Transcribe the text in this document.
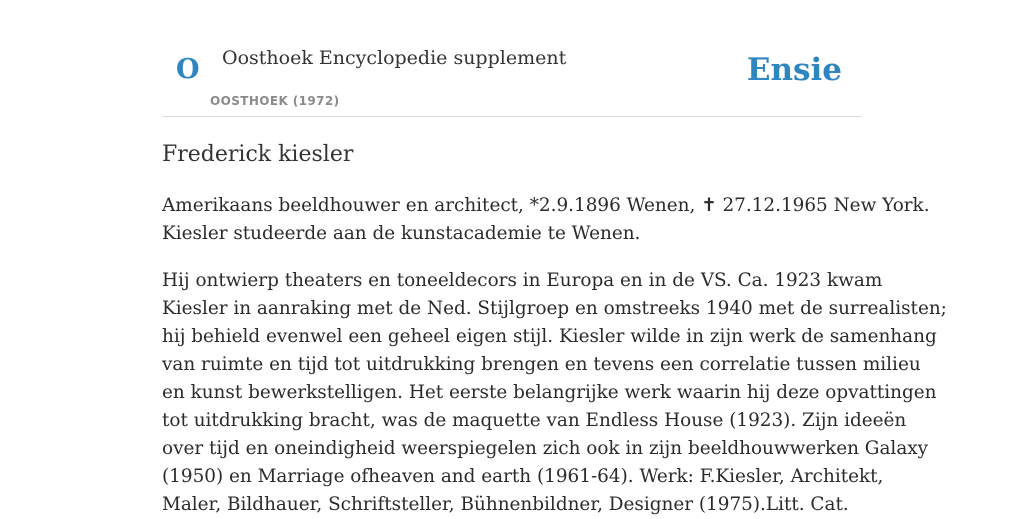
O Oosthoek Encyclopedie supplement
OOSTHOEK (1972)
Ensie
Frederick kiesler

Amerikaans beeldhouwer en architect, *2.9.1896 Wenen, ✝ 27.12.1965 New York.
Kiesler studeerde aan de kunstacademie te Wenen.

Hij ontwierp theaters en toneeldecors in Europa en in de VS. Ca. 1923 kwam
Kiesler in aanraking met de Ned. Stijlgroep en omstreeks 1940 met de surrealisten;
hij behield evenwel een geheel eigen stijl. Kiesler wilde in zijn werk de samenhang
van ruimte en tijd tot uitdrukking brengen en tevens een correlatie tussen milieu
en kunst bewerkstelligen. Het eerste belangrijke werk waarin hij deze opvattingen
tot uitdrukking bracht, was de maquette van Endless House (1923). Zijn ideeën
over tijd en oneindigheid weerspiegelen zich ook in zijn beeldhouwwerken Galaxy
(1950) en Marriage ofheaven and earth (1961-64). Werk: F.Kiesler, Architekt,
Maler, Bildhauer, Schriftsteller, Bühnenbildner, Designer (1975).Litt. Cat.
